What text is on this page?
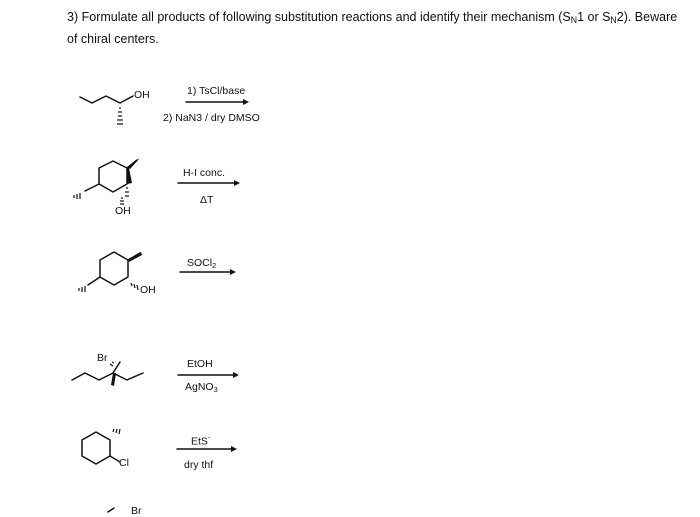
3) Formulate all products of following substitution reactions and identify their mechanism ($S_N1$ or $S_N2$). Beware of chiral centers.
OH
OH
OH
Br
Cl
Br
1) TsCl/base
2) NaN3 / dry DMSO
H-I conc.
ΔT
SOCl$_2$
EtOH
AgNO$_3$
EtS-
dry thf
